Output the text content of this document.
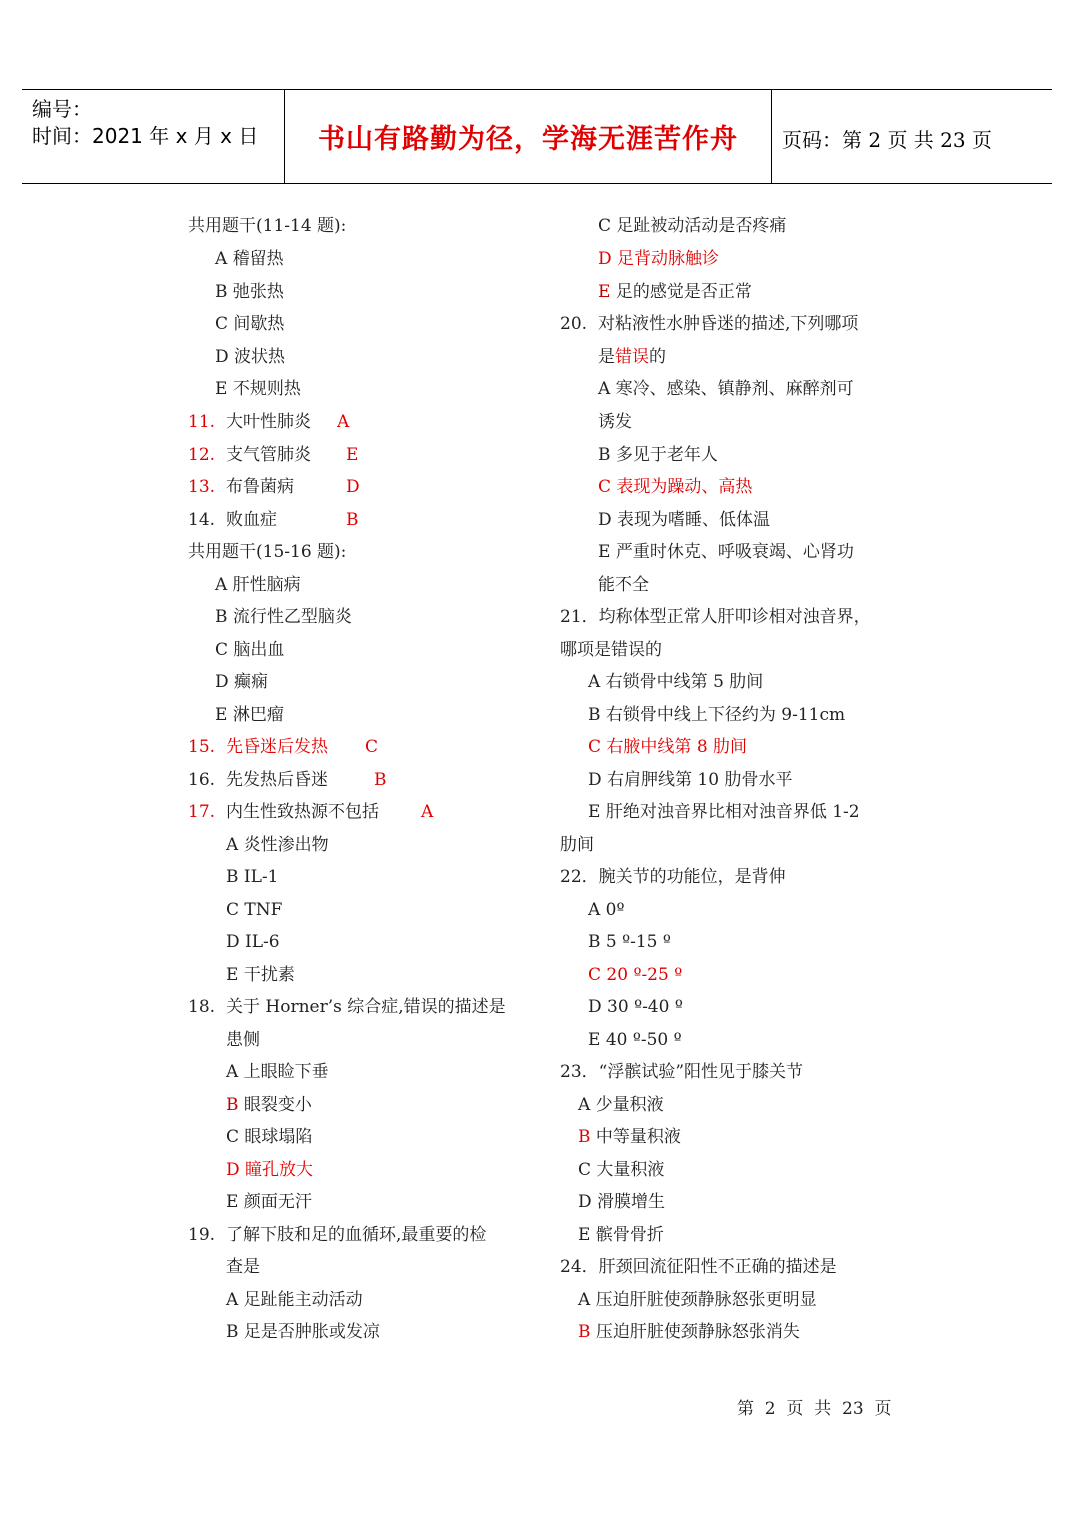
编号：
时间：2021 年 x 月 x 日	书山有路勤为径，学海无涯苦作舟	页码：第 2 页 共 23 页
共用题干(11-14 题):
A 稽留热
B 弛张热
C 间歇热
D 波状热
E 不规则热
11. 大叶性肺炎 A
12. 支气管肺炎 E
13. 布鲁菌病	D
14. 败血症	B
共用题干(15-16 题):
A 肝性脑病
B 流行性乙型脑炎
C 脑出血
D 癫痫
E 淋巴瘤
15. 先昏迷后发热 C
16. 先发热后昏迷	B
17. 内生性致热源不包括 A
A 炎性渗出物
B IL-1
C TNF
D IL-6
E 干扰素
18. 关于 Horner’s 综合症,错误的描述是
患侧
A 上眼睑下垂
B 眼裂变小
C 眼球塌陷
D 瞳孔放大
E 颜面无汗
19. 了解下肢和足的血循环,最重要的检
查是
A 足趾能主动活动
B 足是否肿胀或发凉
C 足趾被动活动是否疼痛
D 足背动脉触诊
E 足的感觉是否正常
20. 对粘液性水肿昏迷的描述,下列哪项
是错误的
A 寒冷、感染、镇静剂、麻醉剂可
诱发
B 多见于老年人
C 表现为躁动、高热
D 表现为嗜睡、低体温
E 严重时休克、呼吸衰竭、心肾功
能不全
21．均称体型正常人肝叩诊相对浊音界，
哪项是错误的
A 右锁骨中线第 5 肋间
B 右锁骨中线上下径约为 9-11cm
C 右腋中线第 8 肋间
D 右肩胛线第 10 肋骨水平
E 肝绝对浊音界比相对浊音界低 1-2
肋间
22．腕关节的功能位，是背伸
A 0º
B 5 º-15 º
C 20 º-25 º
D 30 º-40 º
E 40 º-50 º
23．“浮髌试验”阳性见于膝关节
A 少量积液
B 中等量积液
C 大量积液
D 滑膜增生
E 髌骨骨折
24．肝颈回流征阳性不正确的描述是
A 压迫肝脏使颈静脉怒张更明显
B 压迫肝脏使颈静脉怒张消失
第  2  页  共  23  页
